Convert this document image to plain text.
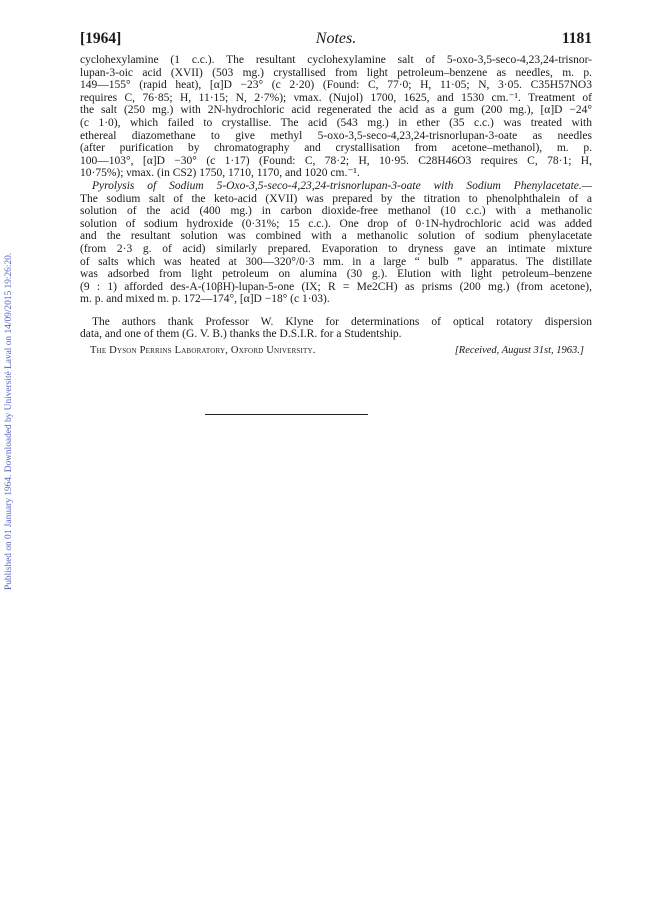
Published on 01 January 1964. Downloaded by Université Laval on 14/09/2015 19:26:20.
[1964]	Notes.	1181

cyclohexylamine (1 c.c.). The resultant cyclohexylamine salt of 5-oxo-3,5-seco-4,23,24-trisnor-
lupan-3-oic acid (XVII) (503 mg.) crystallised from light petroleum–benzene as needles, m. p.
149—155° (rapid heat), [α]D −23° (c 2·20) (Found: C, 77·0; H, 11·05; N, 3·05. C35H57NO3
requires C, 76·85; H, 11·15; N, 2·7%); νmax. (Nujol) 1700, 1625, and 1530 cm.⁻¹. Treatment of
the salt (250 mg.) with 2N-hydrochloric acid regenerated the acid as a gum (200 mg.), [α]D −24°
(c 1·0), which failed to crystallise. The acid (543 mg.) in ether (35 c.c.) was treated with
ethereal diazomethane to give methyl 5-oxo-3,5-seco-4,23,24-trisnorlupan-3-oate as needles
(after purification by chromatography and crystallisation from acetone–methanol), m. p.
100—103°, [α]D −30° (c 1·17) (Found: C, 78·2; H, 10·95. C28H46O3 requires C, 78·1; H,
10·75%); νmax. (in CS2) 1750, 1710, 1170, and 1020 cm.⁻¹.

Pyrolysis of Sodium 5-Oxo-3,5-seco-4,23,24-trisnorlupan-3-oate with Sodium Phenylacetate.—
The sodium salt of the keto-acid (XVII) was prepared by the titration to phenolphthalein of a
solution of the acid (400 mg.) in carbon dioxide-free methanol (10 c.c.) with a methanolic
solution of sodium hydroxide (0·31%; 15 c.c.). One drop of 0·1N-hydrochloric acid was added
and the resultant solution was combined with a methanolic solution of sodium phenylacetate
(from 2·3 g. of acid) similarly prepared. Evaporation to dryness gave an intimate mixture
of salts which was heated at 300—320°/0·3 mm. in a large “ bulb ” apparatus. The distillate
was adsorbed from light petroleum on alumina (30 g.). Elution with light petroleum–benzene
(9 : 1) afforded des-A-(10βH)-lupan-5-one (IX; R = Me2CH) as prisms (200 mg.) (from acetone),
m. p. and mixed m. p. 172—174°, [α]D −18° (c 1·03).

The authors thank Professor W. Klyne for determinations of optical rotatory dispersion
data, and one of them (G. V. B.) thanks the D.S.I.R. for a Studentship.

The Dyson Perrins Laboratory, Oxford University.	[Received, August 31st, 1963.]
